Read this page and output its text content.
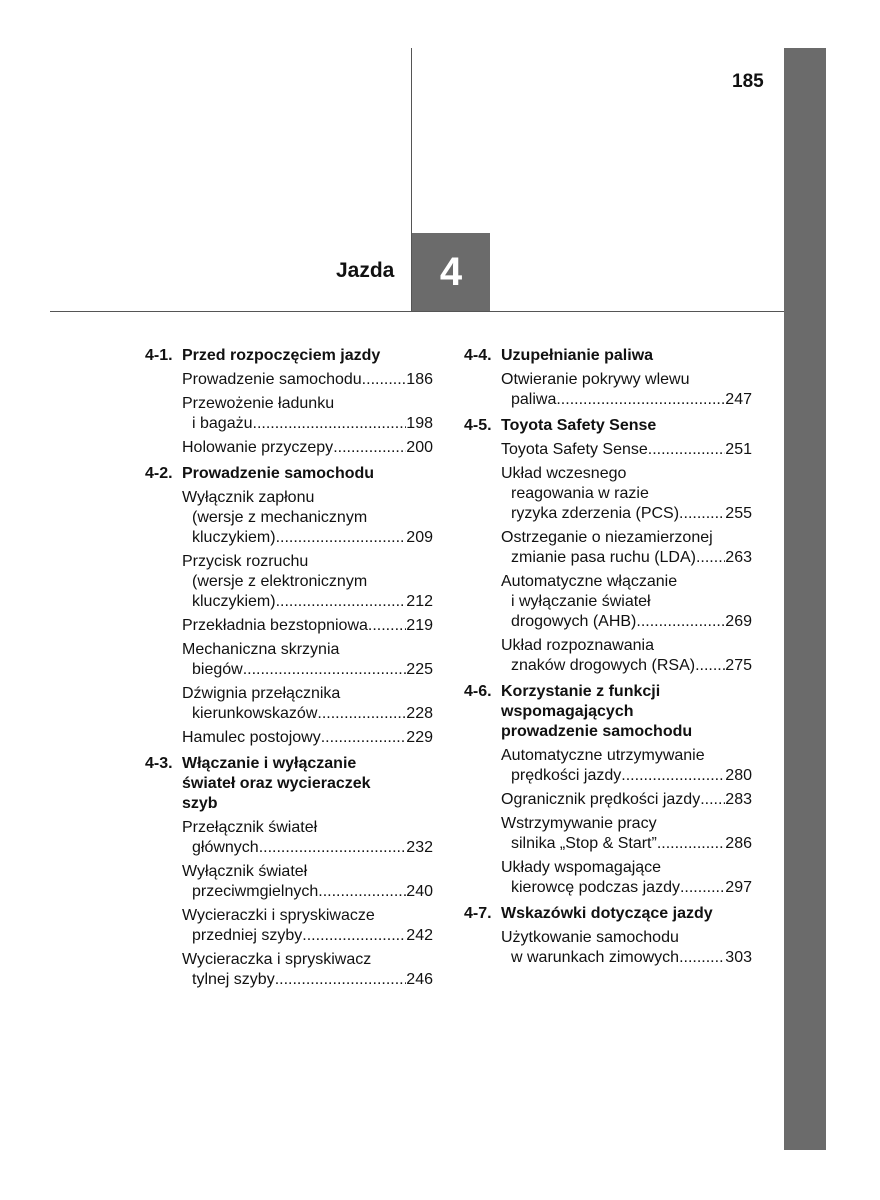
185
Jazda 4
4-1. Przed rozpoczęciem jazdy
Prowadzenie samochodu .....	186
Przewożenie ładunku
i bagażu .....	198
Holowanie przyczepy .....	200
4-2. Prowadzenie samochodu
Wyłącznik zapłonu
(wersje z mechanicznym
kluczykiem) .....	209
Przycisk rozruchu
(wersje z elektronicznym
kluczykiem) .....	212
Przekładnia bezstopniowa ..... 219
Mechaniczna skrzynia
biegów .....	225
Dźwignia przełącznika
kierunkowskazów .....	228
Hamulec postojowy .....	229
4-3. Włączanie i wyłączanie
świateł oraz wycieraczek
szyb
Przełącznik świateł
głównych .....	232
Wyłącznik świateł
przeciwmgielnych .....	240
Wycieraczki i spryskiwacze
przedniej szyby .....	242
Wycieraczka i spryskiwacz
tylnej szyby .....	246
4-4. Uzupełnianie paliwa
Otwieranie pokrywy wlewu
paliwa .....	247
4-5. Toyota Safety Sense
Toyota Safety Sense .....	251
Układ wczesnego
reagowania w razie
ryzyka zderzenia (PCS) .....	255
Ostrzeganie o niezamierzonej
zmianie pasa ruchu (LDA) ..... 263
Automatyczne włączanie
i wyłączanie świateł
drogowych (AHB) .....	269
Układ rozpoznawania
znaków drogowych (RSA) ..... 275
4-6. Korzystanie z funkcji
wspomagających
prowadzenie samochodu
Automatyczne utrzymywanie
prędkości jazdy .....	280
Ogranicznik prędkości jazdy ..... 283
Wstrzymywanie pracy
silnika „Stop & Start” .....	286
Układy wspomagające
kierowcę podczas jazdy .....	297
4-7. Wskazówki dotyczące jazdy
Użytkowanie samochodu
w warunkach zimowych .....	303
